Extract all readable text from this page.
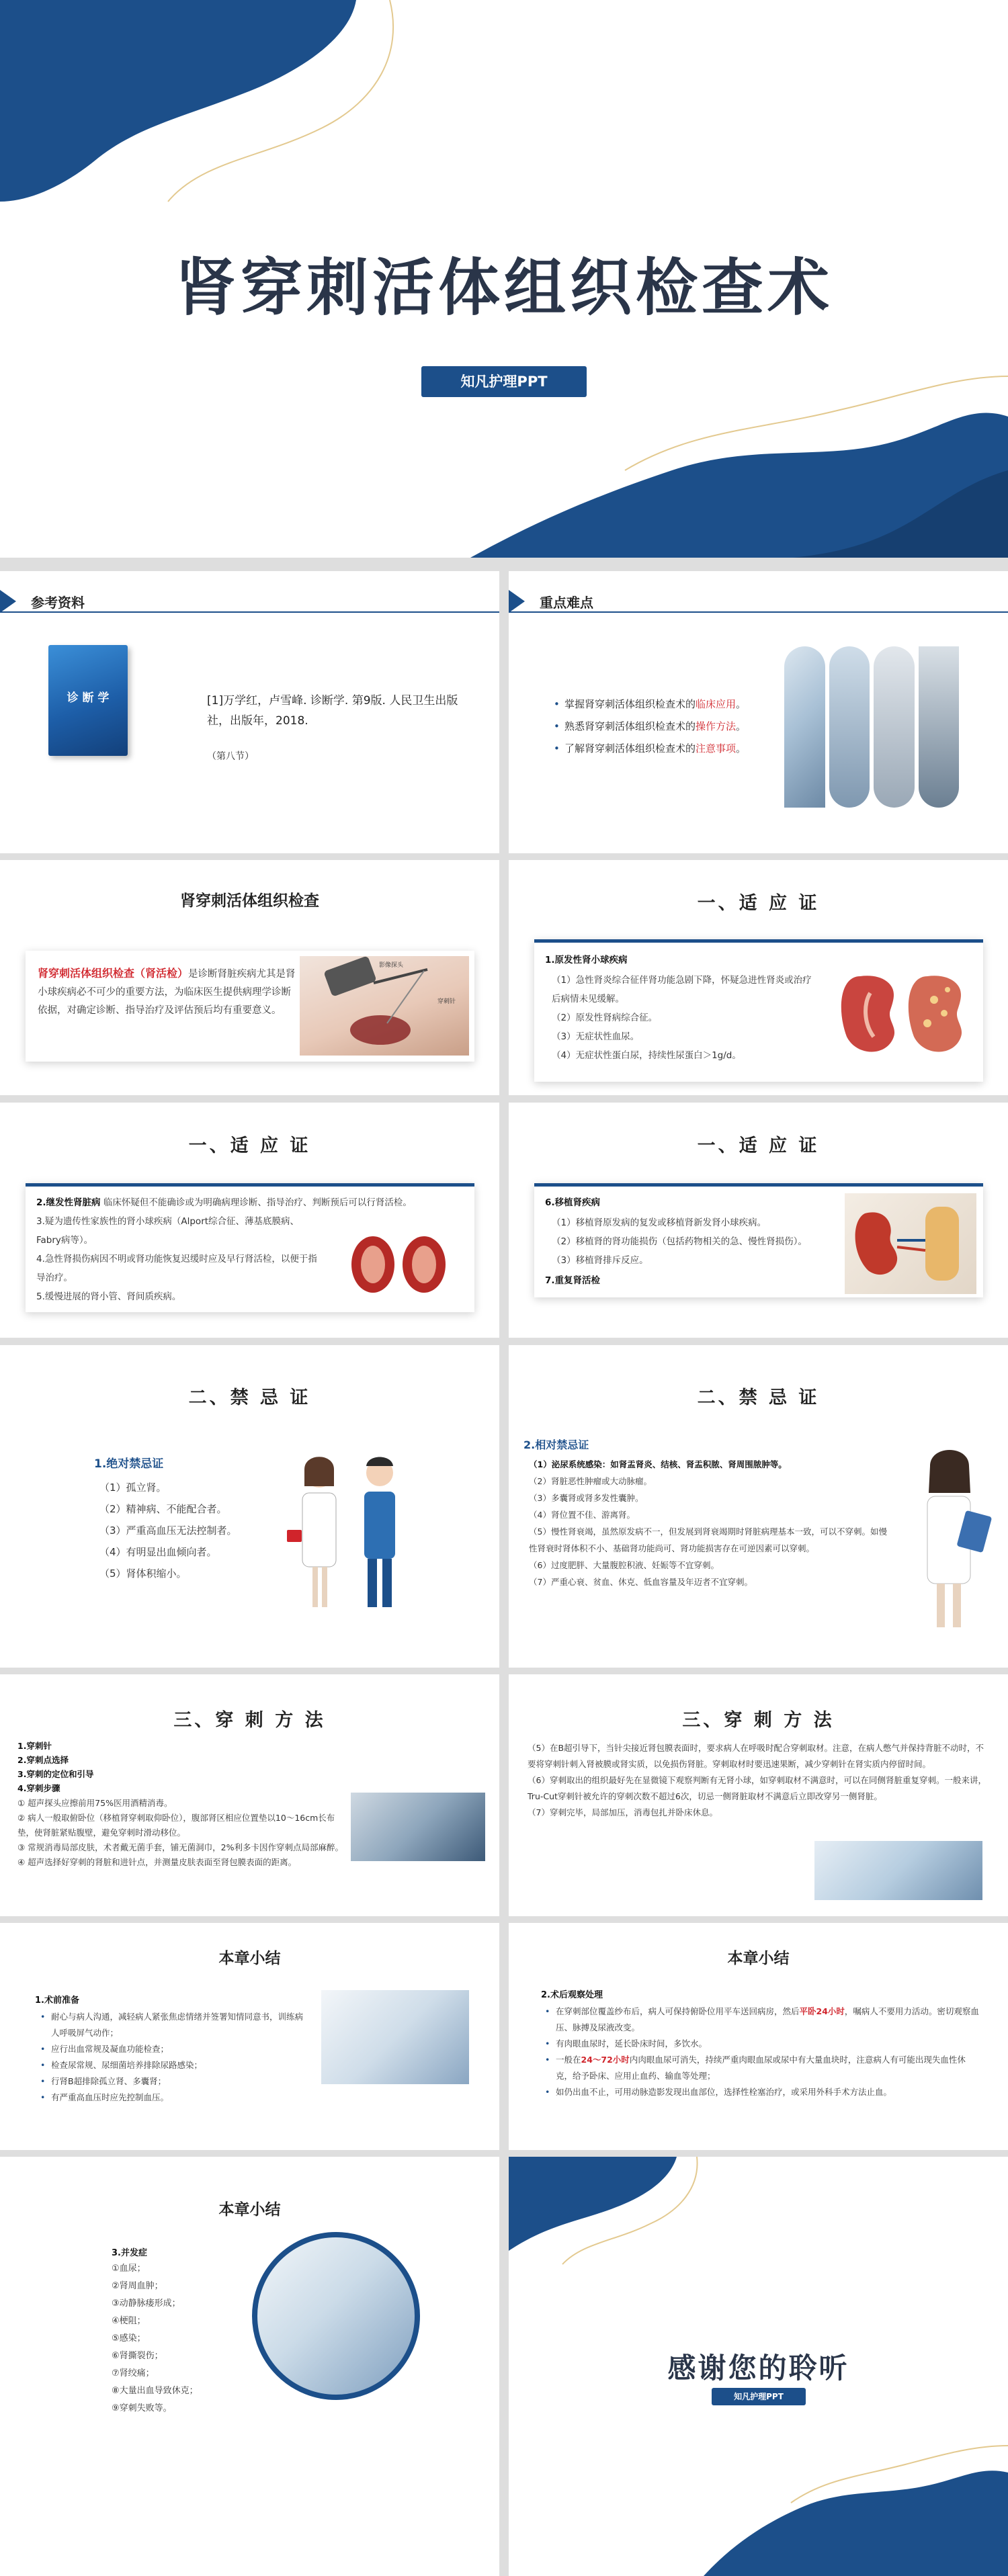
肾穿刺活体组织检查术
知凡护理PPT
参考资料
诊 断 学	[1]万学红，卢雪峰. 诊断学. 第9版. 人民卫生出版社，出版年，2018.
（第八节）
重点难点
• 掌握肾穿刺活体组织检查术的临床应用。
• 熟悉肾穿刺活体组织检查术的操作方法。
• 了解肾穿刺活体组织检查术的注意事项。
肾穿刺活体组织检查
肾穿刺活体组织检查（肾活检）是诊断肾脏疾病尤其是肾小球疾病必不可少的重要方法，为临床医生提供病理学诊断依据，对确定诊断、指导治疗及评估预后均有重要意义。
影像探头
穿刺针
一、适 应 证
1.原发性肾小球疾病
（1）急性肾炎综合征伴肾功能急剧下降，怀疑急进性肾炎或治疗后病情未见缓解。
（2）原发性肾病综合征。
（3）无症状性血尿。
（4）无症状性蛋白尿，持续性尿蛋白＞1g/d。
一、适 应 证
2.继发性肾脏病 临床怀疑但不能确诊或为明确病理诊断、指导治疗、判断预后可以行肾活检。
3.疑为遗传性家族性的肾小球疾病（Alport综合征、薄基底膜病、Fabry病等）。
4.急性肾损伤病因不明或肾功能恢复迟缓时应及早行肾活检，以便于指导治疗。
5.缓慢进展的肾小管、肾间质疾病。
一、适 应 证
6.移植肾疾病
（1）移植肾原发病的复发或移植肾新发肾小球疾病。
（2）移植肾的肾功能损伤（包括药物相关的急、慢性肾损伤）。
（3）移植肾排斥反应。
7.重复肾活检
二、禁 忌 证
1.绝对禁忌证
（1）孤立肾。
（2）精神病、不能配合者。
（3）严重高血压无法控制者。
（4）有明显出血倾向者。
（5）肾体积缩小。
二、禁 忌 证
2.相对禁忌证
（1）泌尿系统感染：如肾盂肾炎、结核、肾盂积脓、肾周围脓肿等。
（2）肾脏恶性肿瘤或大动脉瘤。
（3）多囊肾或肾多发性囊肿。
（4）肾位置不佳、游离肾。
（5）慢性肾衰竭，虽然原发病不一，但发展到肾衰竭期时肾脏病理基本一致，可以不穿刺。如慢性肾衰时肾体积不小、基础肾功能尚可、肾功能损害存在可逆因素可以穿刺。
（6）过度肥胖、大量腹腔积液、妊娠等不宜穿刺。
（7）严重心衰、贫血、休克、低血容量及年迈者不宜穿刺。
三、穿 刺 方 法
1.穿刺针
2.穿刺点选择
3.穿刺的定位和引导
4.穿刺步骤
① 超声探头应擦前用75%医用酒精消毒。
② 病人一般取俯卧位（移植肾穿刺取仰卧位），腹部肾区相应位置垫以10～16cm长布垫，使肾脏紧贴腹壁，避免穿刺时滑动移位。
③ 常规消毒局部皮肤，术者戴无菌手套，铺无菌洞巾，2%利多卡因作穿刺点局部麻醉。
④ 超声选择好穿刺的肾脏和进针点，并测量皮肤表面至肾包膜表面的距离。
三、穿 刺 方 法
（5）在B超引导下，当针尖接近肾包膜表面时，要求病人在呼吸时配合穿刺取材。注意，在病人憋气并保持背脏不动时，不要将穿刺针刺入肾被膜或肾实质，以免损伤肾脏。穿刺取材时要迅速果断，减少穿刺针在肾实质内停留时间。
（6）穿刺取出的组织最好先在显微镜下观察判断有无肾小球，如穿刺取材不满意时，可以在同侧肾脏重复穿刺。一般来讲，Tru-Cut穿刺针被允许的穿刺次数不超过6次，切忌一侧肾脏取材不满意后立即改穿另一侧肾脏。
（7）穿刺完毕，局部加压，消毒包扎并卧床休息。
本章小结
1.术前准备
• 耐心与病人沟通，减轻病人紧张焦虑情绪并签署知情同意书，训练病人呼吸屏气动作；
• 应行出血常规及凝血功能检查；
• 检查尿常规、尿细菌培养排除尿路感染；
• 行肾B超排除孤立肾、多囊肾；
• 有严重高血压时应先控制血压。
本章小结
2.术后观察处理
• 在穿刺部位覆盖纱布后，病人可保持俯卧位用平车送回病房，然后平卧24小时，嘱病人不要用力活动。密切观察血压、脉搏及尿液改变。
• 有肉眼血尿时，延长卧床时间，多饮水。
• 一般在24～72小时内肉眼血尿可消失，持续严重肉眼血尿或尿中有大量血块时，注意病人有可能出现失血性休克，给予卧床、应用止血药、输血等处理；
• 如仍出血不止，可用动脉造影发现出血部位，选择性栓塞治疗，或采用外科手术方法止血。
本章小结
3.并发症
①血尿；
②肾周血肿；
③动静脉瘘形成；
④梗阻；
⑤感染；
⑥肾撕裂伤；
⑦肾绞痛；
⑧大量出血导致休克；
⑨穿刺失败等。
感谢您的聆听
知凡护理PPT
